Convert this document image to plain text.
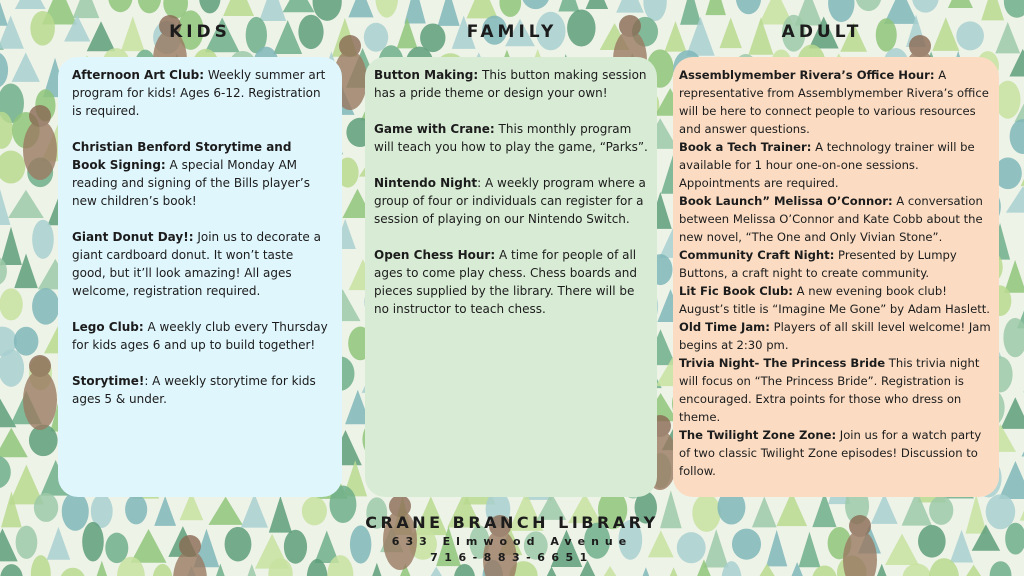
KIDS	FAMILY	ADULT
Afternoon Art Club: Weekly summer art program for kids! Ages 6-12. Registration is required.
Christian Benford Storytime and Book Signing: A special Monday AM reading and signing of the Bills player’s new children’s book!
Giant Donut Day!: Join us to decorate a giant cardboard donut. It won’t taste good, but it’ll look amazing! All ages welcome, registration required.
Lego Club: A weekly club every Thursday for kids ages 6 and up to build together!
Storytime!: A weekly storytime for kids ages 5 & under.
Button Making: This button making session has a pride theme or design your own!
Game with Crane: This monthly program will teach you how to play the game, “Parks”.
Nintendo Night: A weekly program where a group of four or individuals can register for a session of playing on our Nintendo Switch.
Open Chess Hour: A time for people of all ages to come play chess. Chess boards and pieces supplied by the library. There will be no instructor to teach chess.
Assemblymember Rivera’s Office Hour: A representative from Assemblymember Rivera’s office will be here to connect people to various resources and answer questions.
Book a Tech Trainer: A technology trainer will be available for 1 hour one-on-one sessions. Appointments are required.
Book Launch” Melissa O’Connor: A conversation between Melissa O’Connor and Kate Cobb about the new novel, “The One and Only Vivian Stone”.
Community Craft Night: Presented by Lumpy Buttons, a craft night to create community.
Lit Fic Book Club: A new evening book club! August’s title is “Imagine Me Gone” by Adam Haslett.
Old Time Jam: Players of all skill level welcome! Jam begins at 2:30 pm.
Trivia Night- The Princess Bride This trivia night will focus on “The Princess Bride”. Registration is encouraged. Extra points for those who dress on theme.
The Twilight Zone Zone: Join us for a watch party of two classic Twilight Zone episodes! Discussion to follow.
CRANE BRANCH LIBRARY
633 Elmwood Avenue
716-883-6651
